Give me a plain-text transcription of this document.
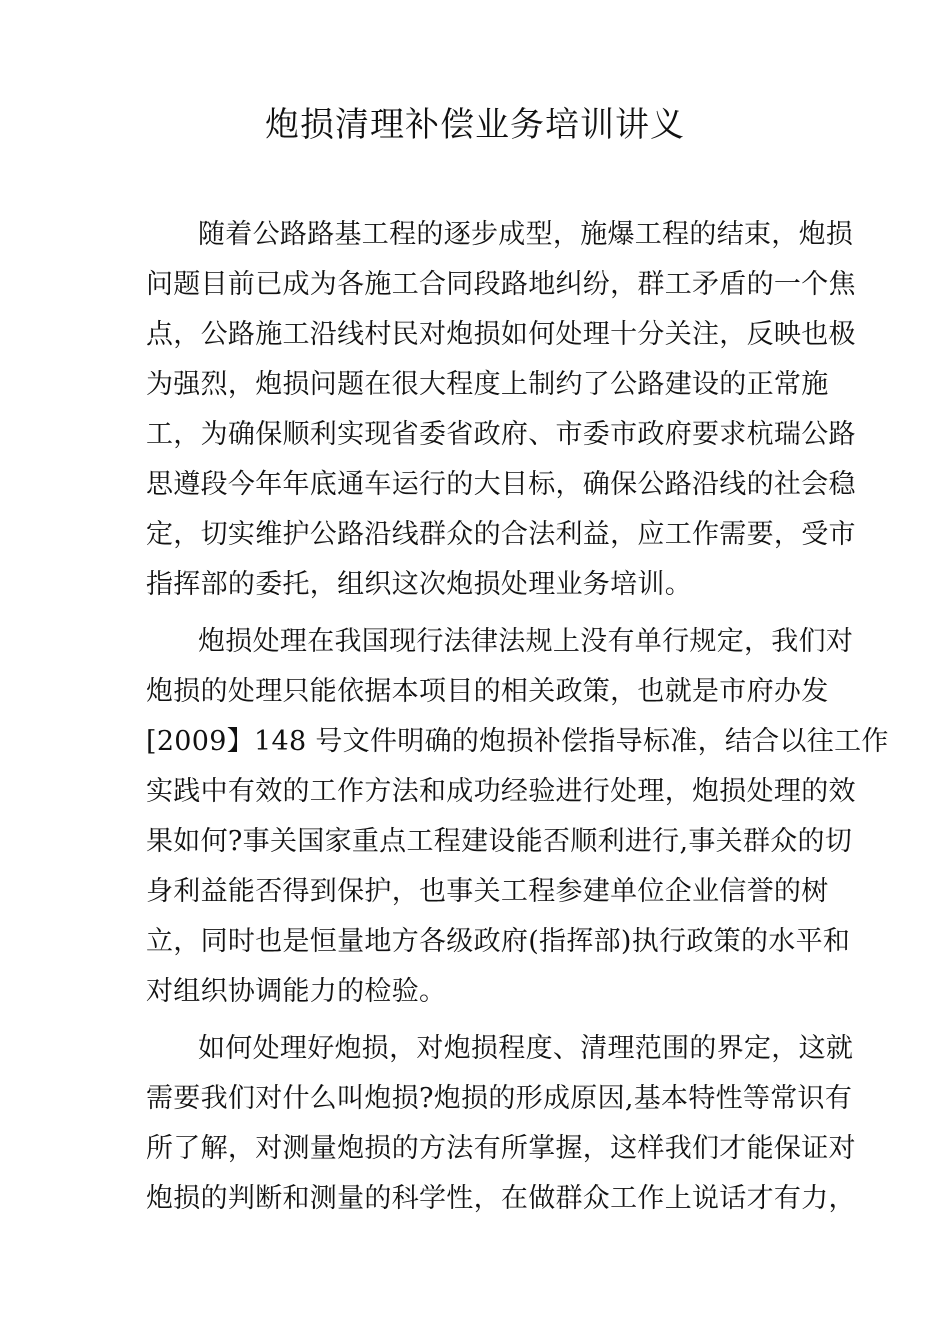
炮损清理补偿业务培训讲义
随着公路路基工程的逐步成型，施爆工程的结束，炮损
问题目前已成为各施工合同段路地纠纷，群工矛盾的一个焦
点，公路施工沿线村民对炮损如何处理十分关注，反映也极
为强烈，炮损问题在很大程度上制约了公路建设的正常施
工，为确保顺利实现省委省政府、市委市政府要求杭瑞公路
思遵段今年年底通车运行的大目标，确保公路沿线的社会稳
定，切实维护公路沿线群众的合法利益，应工作需要，受市
指挥部的委托，组织这次炮损处理业务培训。
炮损处理在我国现行法律法规上没有单行规定，我们对
炮损的处理只能依据本项目的相关政策，也就是市府办发
[2009】148 号文件明确的炮损补偿指导标准，结合以往工作
实践中有效的工作方法和成功经验进行处理，炮损处理的效
果如何?事关国家重点工程建设能否顺利进行,事关群众的切
身利益能否得到保护，也事关工程参建单位企业信誉的树
立，同时也是恒量地方各级政府(指挥部)执行政策的水平和
对组织协调能力的检验。
如何处理好炮损，对炮损程度、清理范围的界定，这就
需要我们对什么叫炮损?炮损的形成原因,基本特性等常识有
所了解，对测量炮损的方法有所掌握，这样我们才能保证对
炮损的判断和测量的科学性，在做群众工作上说话才有力，
